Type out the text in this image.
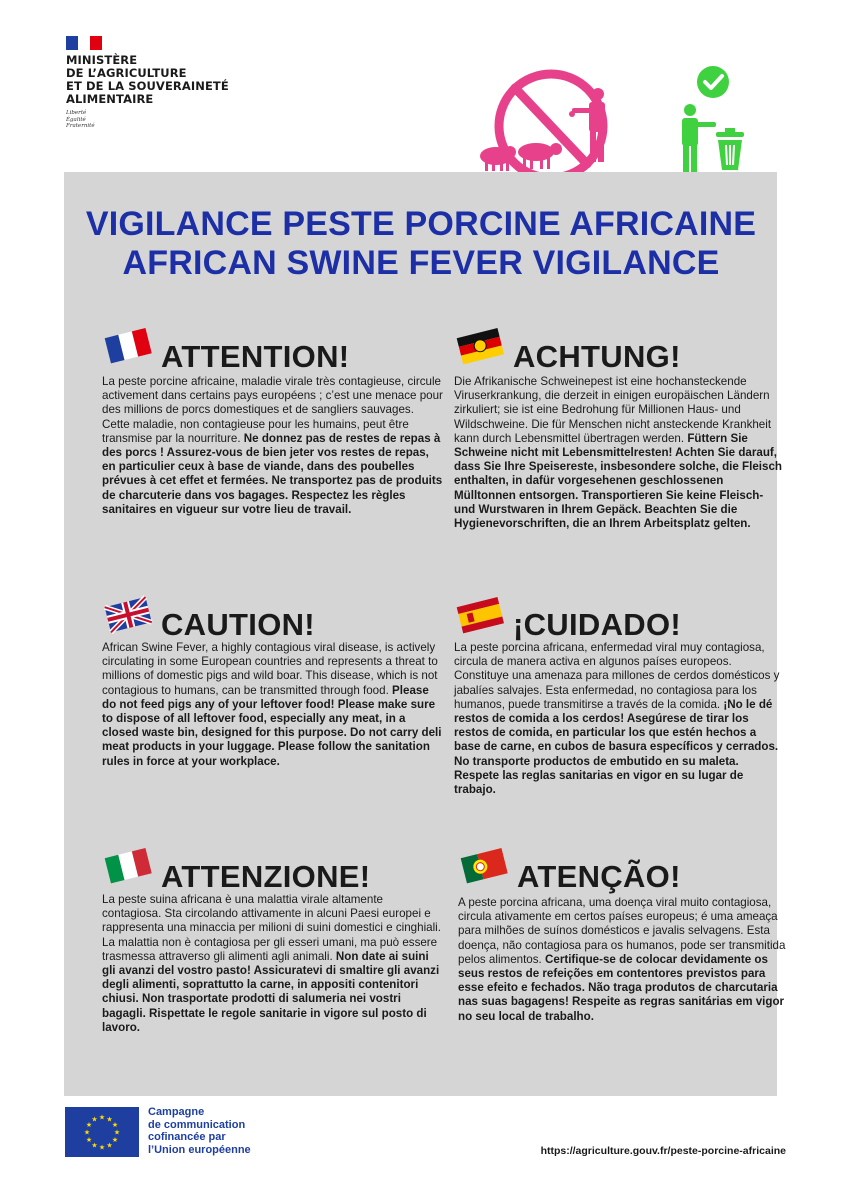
MINISTÈRE
DE L’AGRICULTURE
ET DE LA SOUVERAINETÉ
ALIMENTAIRE
Liberté
Égalité
Fraternité
VIGILANCE PESTE PORCINE AFRICAINE
AFRICAN SWINE FEVER VIGILANCE
ATTENTION!

La peste porcine africaine, maladie virale très contagieuse, circule activement dans certains pays européens ; c’est une menace pour des millions de porcs domestiques et de sangliers sauvages. Cette maladie, non contagieuse pour les humains, peut être transmise par la nourriture. Ne donnez pas de restes de repas à des porcs ! Assurez-vous de bien jeter vos restes de repas, en particulier ceux à base de viande, dans des poubelles prévues à cet effet et fermées. Ne transportez pas de produits de charcuterie dans vos bagages. Respectez les règles sanitaires en vigueur sur votre lieu de travail.

ACHTUNG!

Die Afrikanische Schweinepest ist eine hochansteckende Viruserkrankung, die derzeit in einigen europäischen Ländern zirkuliert; sie ist eine Bedrohung für Millionen Haus- und Wildschweine. Die für Menschen nicht ansteckende Krankheit kann durch Lebensmittel übertragen werden. Füttern Sie Schweine nicht mit Lebensmittelresten! Achten Sie darauf, dass Sie Ihre Speisereste, insbesondere solche, die Fleisch enthalten, in dafür vorgesehenen geschlossenen Mülltonnen entsorgen. Transportieren Sie keine Fleisch- und Wurstwaren in Ihrem Gepäck. Beachten Sie die Hygienevorschriften, die an Ihrem Arbeitsplatz gelten.

CAUTION!

African Swine Fever, a highly contagious viral disease, is actively circulating in some European countries and represents a threat to millions of domestic pigs and wild boar. This disease, which is not contagious to humans, can be transmitted through food. Please do not feed pigs any of your leftover food! Please make sure to dispose of all leftover food, especially any meat, in a closed waste bin, designed for this purpose. Do not carry deli meat products in your luggage. Please follow the sanitation rules in force at your workplace.

¡CUIDADO!

La peste porcina africana, enfermedad viral muy contagiosa, circula de manera activa en algunos países europeos. Constituye una amenaza para millones de cerdos domésticos y jabalíes salvajes. Esta enfermedad, no contagiosa para los humanos, puede transmitirse a través de la comida. ¡No le dé restos de comida a los cerdos! Asegúrese de tirar los restos de comida, en particular los que estén hechos a base de carne, en cubos de basura específicos y cerrados. No transporte productos de embutido en su maleta. Respete las reglas sanitarias en vigor en su lugar de trabajo.

ATTENZIONE!

La peste suina africana è una malattia virale altamente contagiosa. Sta circolando attivamente in alcuni Paesi europei e rappresenta una minaccia per milioni di suini domestici e cinghiali. La malattia non è contagiosa per gli esseri umani, ma può essere trasmessa attraverso gli alimenti agli animali. Non date ai suini gli avanzi del vostro pasto! Assicuratevi di smaltire gli avanzi degli alimenti, soprattutto la carne, in appositi contenitori chiusi. Non trasportate prodotti di salumeria nei vostri bagagli. Rispettate le regole sanitarie in vigore sul posto di lavoro.

ATENÇÃO!

A peste porcina africana, uma doença viral muito contagiosa, circula ativamente em certos países europeus; é uma ameaça para milhões de suínos domésticos e javalis selvagens. Esta doença, não contagiosa para os humanos, pode ser transmitida pelos alimentos. Certifique-se de colocar devidamente os seus restos de refeições em contentores previstos para esse efeito e fechados. Não traga produtos de charcutaria nas suas bagagens! Respeite as regras sanitárias em vigor no seu local de trabalho.

★
★
★
★
★
★
★
★
★ ★ ★
★
Campagne
de communication
cofinancée par
l’Union européenne	https://agriculture.gouv.fr/peste-porcine-africaine
